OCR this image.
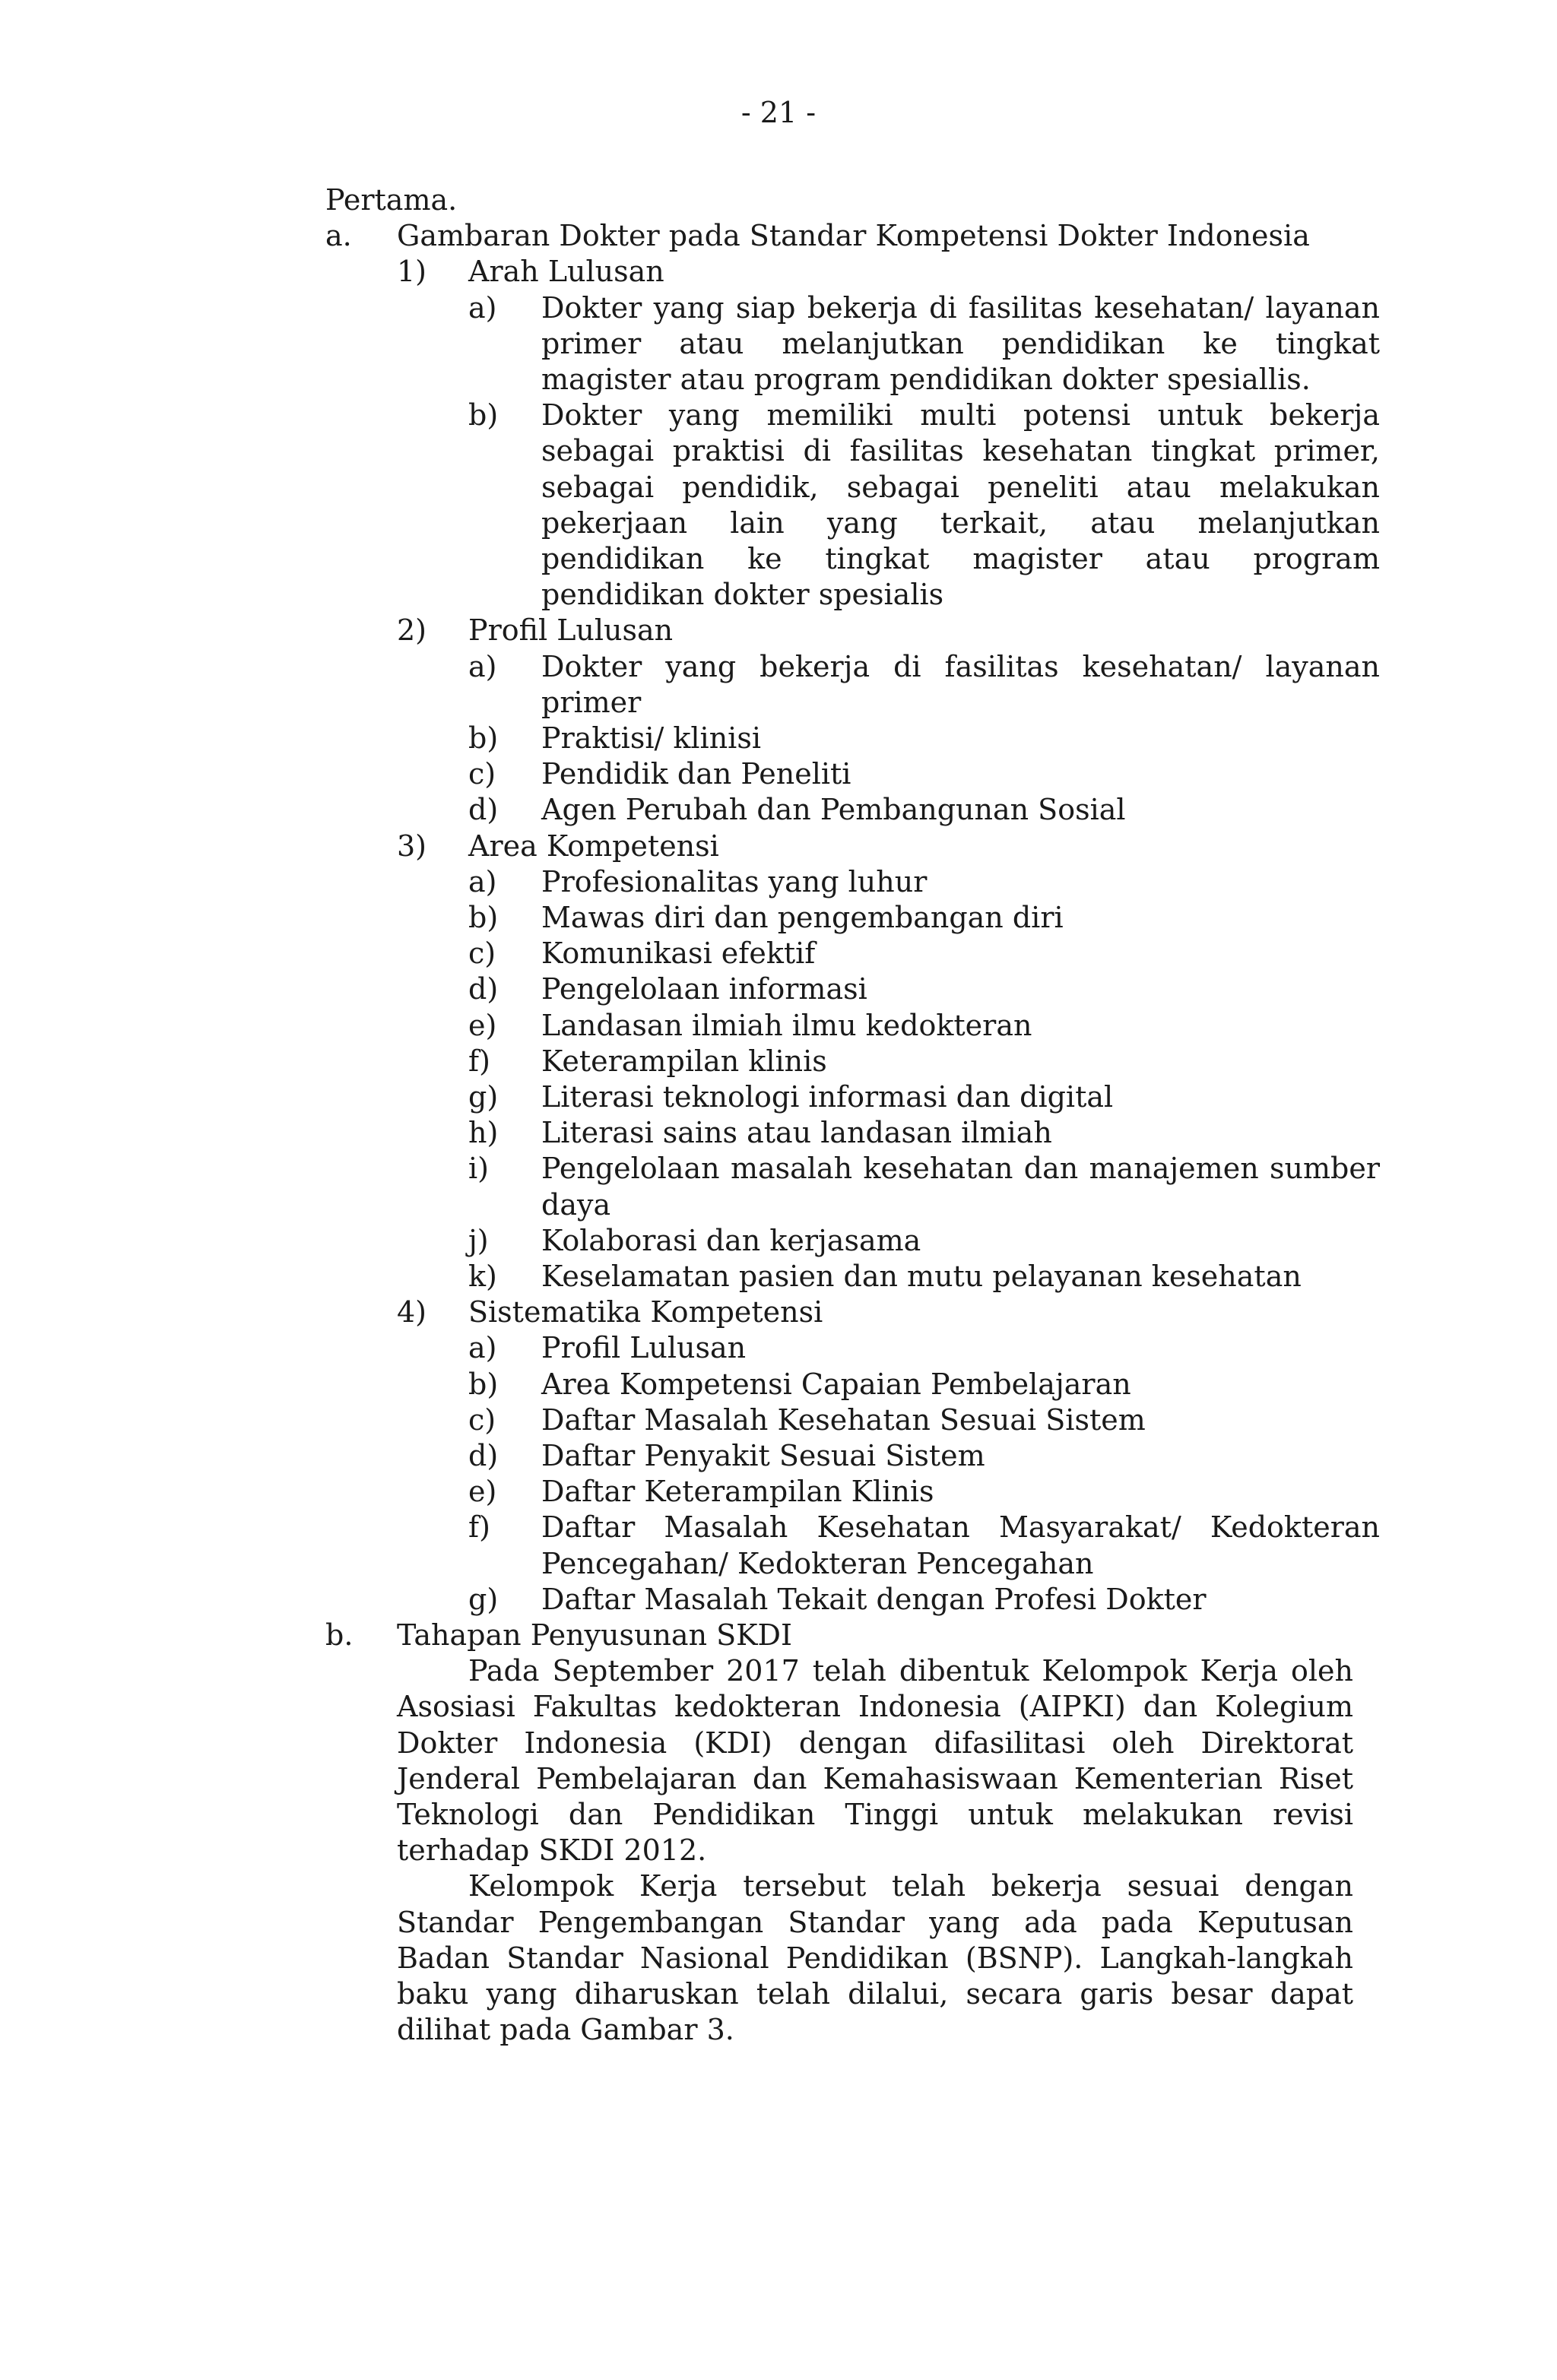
- 21 -
Pertama.
a. Gambaran Dokter pada Standar Kompetensi Dokter Indonesia
1) Arah Lulusan
a) Dokter yang siap bekerja di fasilitas kesehatan/ layanan
primer atau melanjutkan pendidikan ke tingkat
magister atau program pendidikan dokter spesiallis.
b) Dokter yang memiliki multi potensi untuk bekerja
sebagai praktisi di fasilitas kesehatan tingkat primer,
sebagai pendidik, sebagai peneliti atau melakukan
pekerjaan lain yang terkait, atau melanjutkan
pendidikan ke tingkat magister atau program
pendidikan dokter spesialis
2) Profil Lulusan
a) Dokter yang bekerja di fasilitas kesehatan/ layanan
primer
b) Praktisi/ klinisi
c) Pendidik dan Peneliti
d) Agen Perubah dan Pembangunan Sosial
3) Area Kompetensi
a) Profesionalitas yang luhur
b) Mawas diri dan pengembangan diri
c) Komunikasi efektif
d) Pengelolaan informasi
e) Landasan ilmiah ilmu kedokteran
f) Keterampilan klinis
g) Literasi teknologi informasi dan digital
h) Literasi sains atau landasan ilmiah
i) Pengelolaan masalah kesehatan dan manajemen sumber
daya
j) Kolaborasi dan kerjasama
k) Keselamatan pasien dan mutu pelayanan kesehatan
4) Sistematika Kompetensi
a) Profil Lulusan
b) Area Kompetensi Capaian Pembelajaran
c) Daftar Masalah Kesehatan Sesuai Sistem
d) Daftar Penyakit Sesuai Sistem
e) Daftar Keterampilan Klinis
f) Daftar Masalah Kesehatan Masyarakat/ Kedokteran
Pencegahan/ Kedokteran Pencegahan
g) Daftar Masalah Tekait dengan Profesi Dokter
b. Tahapan Penyusunan SKDI
Pada September 2017 telah dibentuk Kelompok Kerja oleh
Asosiasi Fakultas kedokteran Indonesia (AIPKI) dan Kolegium
Dokter Indonesia (KDI) dengan difasilitasi oleh Direktorat
Jenderal Pembelajaran dan Kemahasiswaan Kementerian Riset
Teknologi dan Pendidikan Tinggi untuk melakukan revisi
terhadap SKDI 2012.
Kelompok Kerja tersebut telah bekerja sesuai dengan
Standar Pengembangan Standar yang ada pada Keputusan
Badan Standar Nasional Pendidikan (BSNP). Langkah-langkah
baku yang diharuskan telah dilalui, secara garis besar dapat
dilihat pada Gambar 3.
